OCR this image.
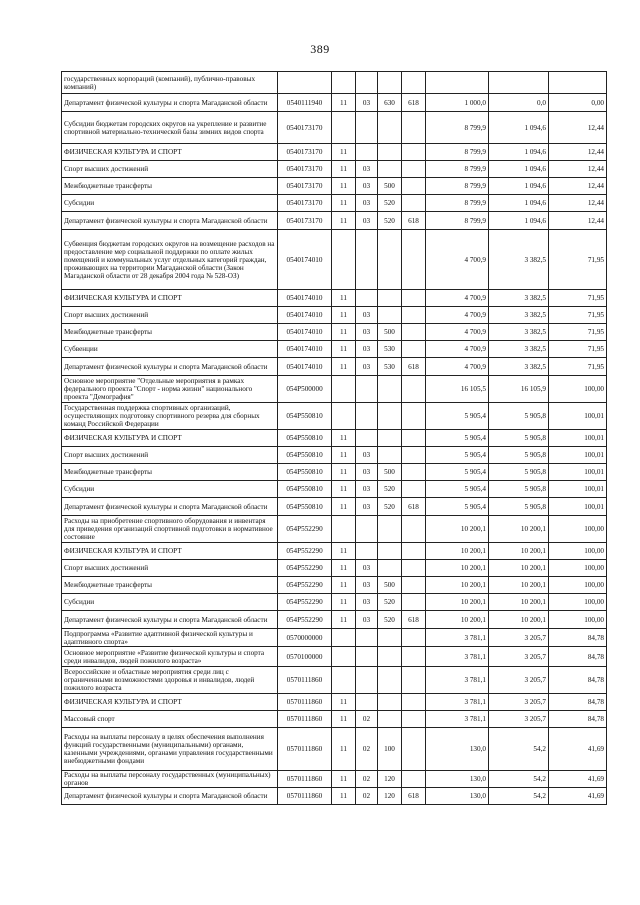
389
государственных корпораций (компаний), публично-правовых компаний)								
Департамент физической культуры и спорта Магаданской области	0540111940	11	03	630	618	1 000,0	0,0	0,00
Субсидии бюджетам городских округов на укрепление и развитие спортивной материально-технической базы зимних видов спорта	0540173170					8 799,9	1 094,6	12,44
ФИЗИЧЕСКАЯ КУЛЬТУРА И СПОРТ	0540173170	11				8 799,9	1 094,6	12,44
Спорт высших достижений	0540173170	11	03			8 799,9	1 094,6	12,44
Межбюджетные трансферты	0540173170	11	03	500		8 799,9	1 094,6	12,44
Субсидии	0540173170	11	03	520		8 799,9	1 094,6	12,44
Департамент физической культуры и спорта Магаданской области	0540173170	11	03	520	618	8 799,9	1 094,6	12,44
Субвенция бюджетам городских округов на возмещение расходов на предоставление мер социальной поддержки по оплате жилых помещений и коммунальных услуг отдельных категорий граждан, проживающих на территории Магаданской области (Закон Магаданской области от 28 декабря 2004 года № 528-ОЗ)	0540174010					4 700,9	3 382,5	71,95
ФИЗИЧЕСКАЯ КУЛЬТУРА И СПОРТ	0540174010	11				4 700,9	3 382,5	71,95
Спорт высших достижений	0540174010	11	03			4 700,9	3 382,5	71,95
Межбюджетные трансферты	0540174010	11	03	500		4 700,9	3 382,5	71,95
Субвенции	0540174010	11	03	530		4 700,9	3 382,5	71,95
Департамент физической культуры и спорта Магаданской области	0540174010	11	03	530	618	4 700,9	3 382,5	71,95
Основное мероприятие "Отдельные мероприятия в рамках федерального проекта "Спорт - норма жизни" национального проекта "Демография"	054P500000					16 105,5	16 105,9	100,00
Государственная поддержка спортивных организаций, осуществляющих подготовку спортивного резерва для сборных команд Российской Федерации	054P550810					5 905,4	5 905,8	100,01
ФИЗИЧЕСКАЯ КУЛЬТУРА И СПОРТ	054P550810	11				5 905,4	5 905,8	100,01
Спорт высших достижений	054P550810	11	03			5 905,4	5 905,8	100,01
Межбюджетные трансферты	054P550810	11	03	500		5 905,4	5 905,8	100,01
Субсидии	054P550810	11	03	520		5 905,4	5 905,8	100,01
Департамент физической культуры и спорта Магаданской области	054P550810	11	03	520	618	5 905,4	5 905,8	100,01
Расходы на приобретение спортивного оборудования и инвентаря для приведения организаций спортивной подготовки в нормативное состояние	054P552290					10 200,1	10 200,1	100,00
ФИЗИЧЕСКАЯ КУЛЬТУРА И СПОРТ	054P552290	11				10 200,1	10 200,1	100,00
Спорт высших достижений	054P552290	11	03			10 200,1	10 200,1	100,00
Межбюджетные трансферты	054P552290	11	03	500		10 200,1	10 200,1	100,00
Субсидии	054P552290	11	03	520		10 200,1	10 200,1	100,00
Департамент физической культуры и спорта Магаданской области	054P552290	11	03	520	618	10 200,1	10 200,1	100,00
Подпрограмма «Развитие адаптивной физической культуры и адаптивного спорта»	0570000000					3 781,1	3 205,7	84,78
Основное мероприятие «Развитие физической культуры и спорта среди инвалидов, людей пожилого возраста»	0570100000					3 781,1	3 205,7	84,78
Всероссийские и областные мероприятия среди лиц с ограниченными возможностями здоровья и инвалидов, людей пожилого возраста	0570111860					3 781,1	3 205,7	84,78
ФИЗИЧЕСКАЯ КУЛЬТУРА И СПОРТ	0570111860	11				3 781,1	3 205,7	84,78
Массовый спорт	0570111860	11	02			3 781,1	3 205,7	84,78
Расходы на выплаты персоналу в целях обеспечения выполнения функций государственными (муниципальными) органами, казенными учреждениями, органами управления государственными внебюджетными фондами	0570111860	11	02	100		130,0	54,2	41,69
Расходы на выплаты персоналу государственных (муниципальных) органов	0570111860	11	02	120		130,0	54,2	41,69
Департамент физической культуры и спорта Магаданской области	0570111860	11	02	120	618	130,0	54,2	41,69
